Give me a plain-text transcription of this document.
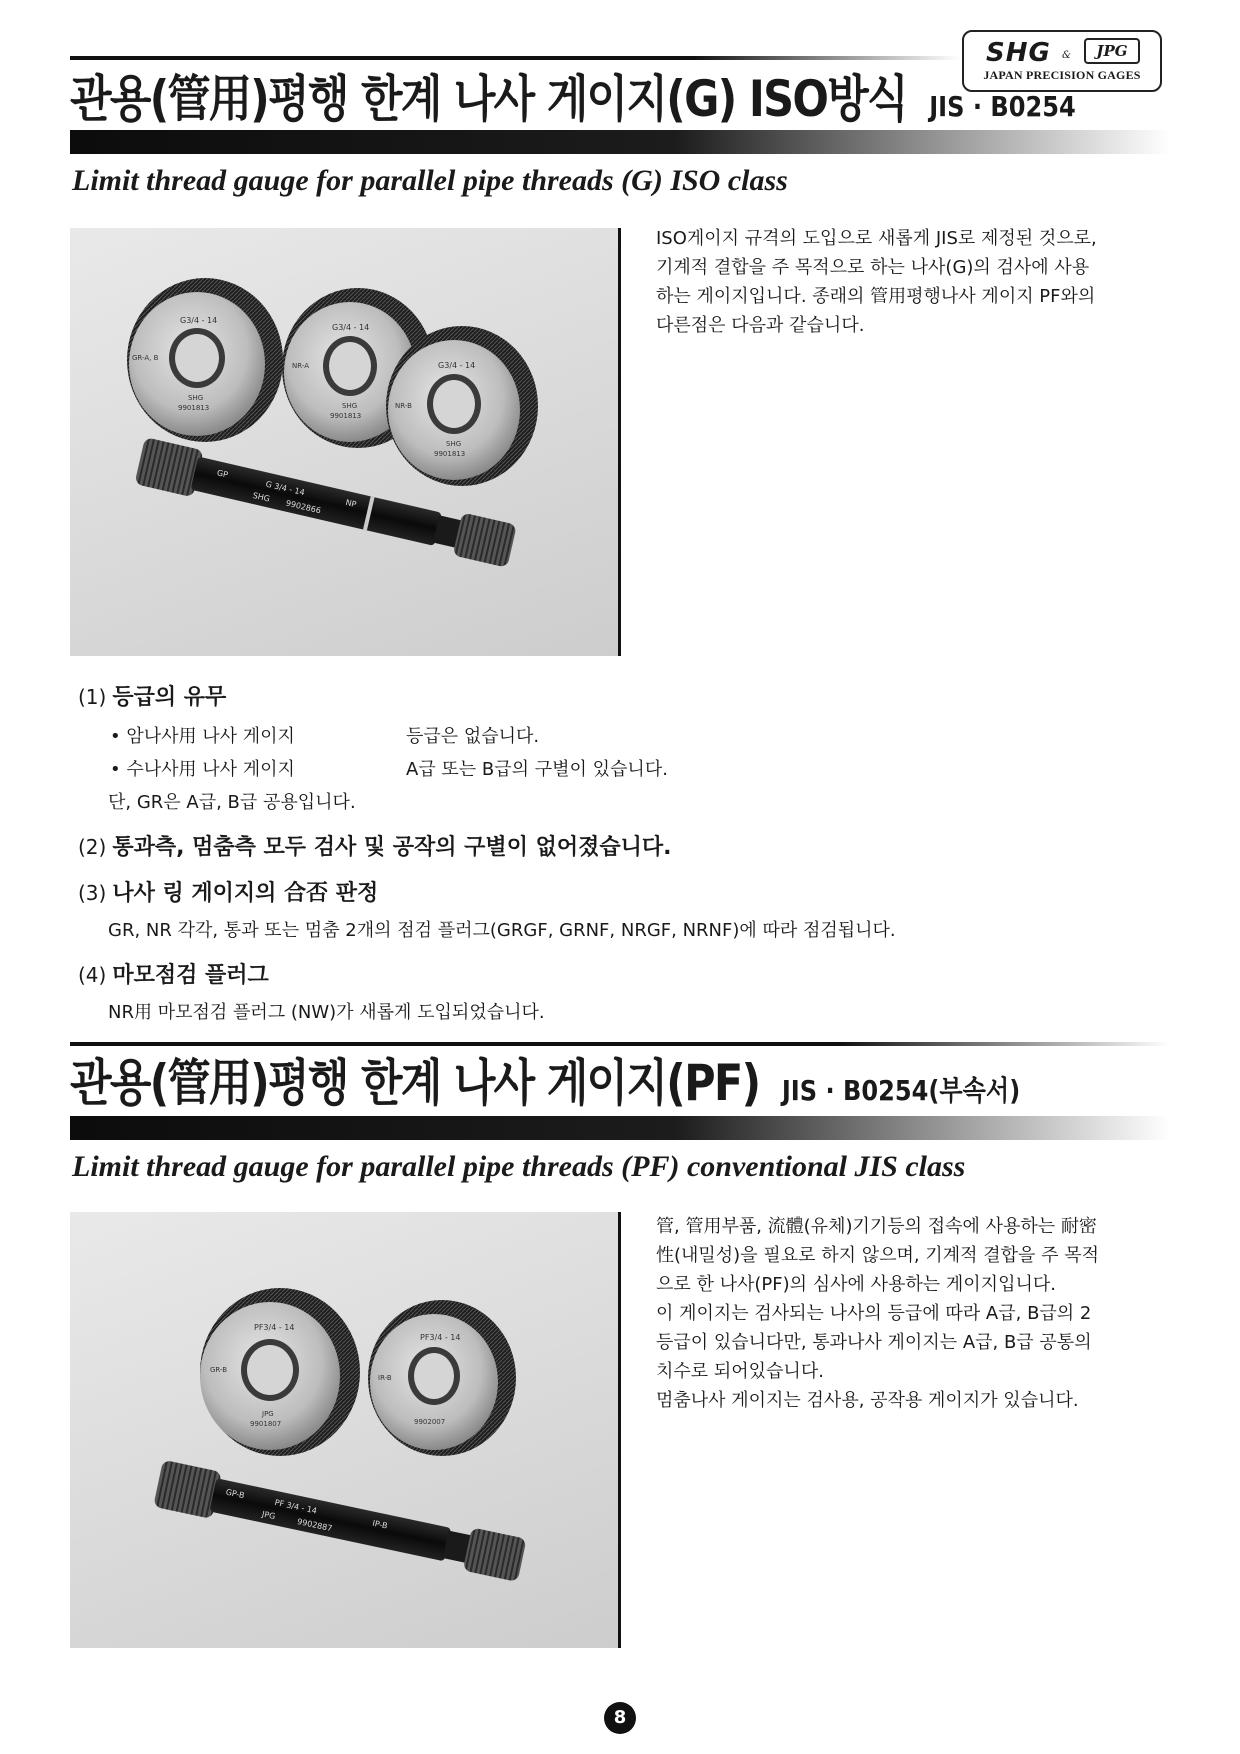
SHG &	JPG
JAPAN PRECISION GAGES
관용(管用)평행 한계 나사 게이지(G) ISO방식 JIS · B0254
Limit thread gauge for parallel pipe threads (G) ISO class
G3/4 - 14
GR-A, B
SHG
9901813
G3/4 - 14
NR-A
SHG
9901813
G3/4 - 14
NR-B
SHG
9901813
GP
G 3/4 - 14
NP
SHG
9902866
ISO게이지 규격의 도입으로 새롭게 JIS로 제정된 것으로,
기계적 결합을 주 목적으로 하는 나사(G)의 검사에 사용
하는 게이지입니다. 종래의 管用평행나사 게이지 PF와의
다른점은 다음과 같습니다.
(1) 등급의 유무
• 암나사用 나사 게이지	등급은 없습니다.
• 수나사用 나사 게이지	A급 또는 B급의 구별이 있습니다.
단, GR은 A급, B급 공용입니다.
(2) 통과측, 멈춤측 모두 검사 및 공작의 구별이 없어졌습니다.
(3) 나사 링 게이지의 合否 판정
GR, NR 각각, 통과 또는 멈춤 2개의 점검 플러그(GRGF, GRNF, NRGF, NRNF)에 따라 점검됩니다.
(4) 마모점검 플러그
NR用 마모점검 플러그 (NW)가 새롭게 도입되었습니다.
관용(管用)평행 한계 나사 게이지(PF) JIS · B0254(부속서)
Limit thread gauge for parallel pipe threads (PF) conventional JIS class
PF3/4 - 14
GR-B
JPG
9901807
PF3/4 - 14
IR-B
9902007
GP-B
PF 3/4 - 14
IP-B
JPG
9902887
管, 管用부품, 流體(유체)기기등의 접속에 사용하는 耐密
性(내밀성)을 필요로 하지 않으며, 기계적 결합을 주 목적
으로 한 나사(PF)의 심사에 사용하는 게이지입니다.
이 게이지는 검사되는 나사의 등급에 따라 A급, B급의 2
등급이 있습니다만, 통과나사 게이지는 A급, B급 공통의
치수로 되어있습니다.
멈춤나사 게이지는 검사용, 공작용 게이지가 있습니다.
8
